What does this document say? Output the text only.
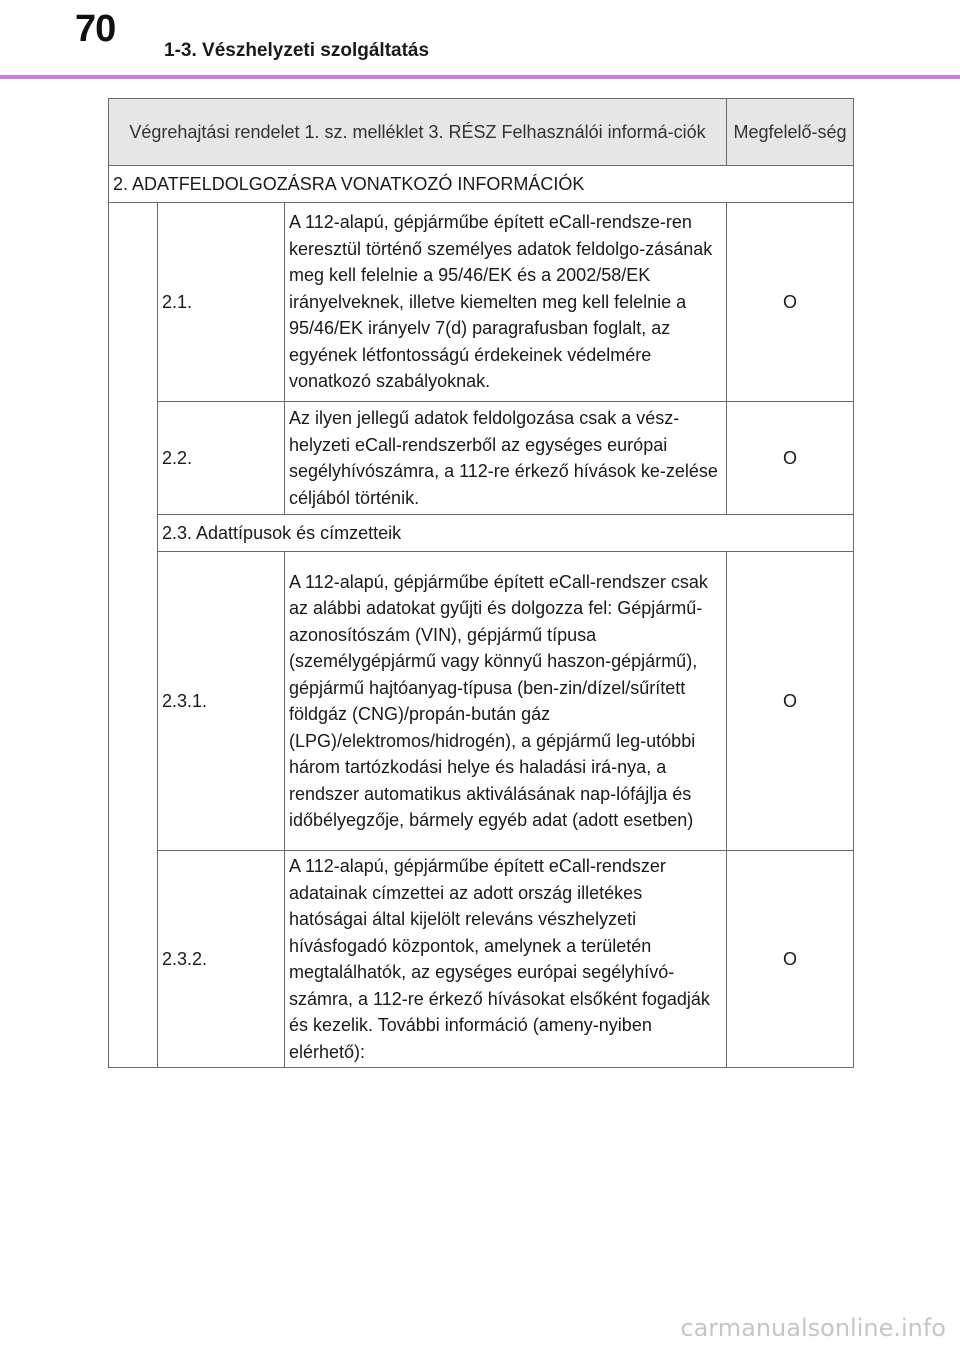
70
1-3. Vészhelyzeti szolgáltatás
Végrehajtási rendelet 1. sz. melléklet 3. RÉSZ Felhasználói informá-ciók			Megfelelő-ség
2. ADATFELDOLGOZÁSRA VONATKOZÓ INFORMÁCIÓK			
	2.1.	A 112-alapú, gépjárműbe épített eCall-rendsze-ren keresztül történő személyes adatok feldolgo-zásának meg kell felelnie a 95/46/EK és a 2002/58/EK irányelveknek, illetve kiemelten meg kell felelnie a 95/46/EK irányelv 7(d) paragrafusban foglalt, az egyének létfontosságú érdekeinek védelmére vonatkozó szabályoknak.	O
	2.2.	Az ilyen jellegű adatok feldolgozása csak a vész-helyzeti eCall-rendszerből az egységes európai segélyhívószámra, a 112-re érkező hívások ke-zelése céljából történik.	O
	2.3. Adattípusok és címzetteik		
	2.3.1.	A 112-alapú, gépjárműbe épített eCall-rendszer csak az alábbi adatokat gyűjti és dolgozza fel: Gépjármű-azonosítószám (VIN), gépjármű típusa (személygépjármű vagy könnyű haszon-gépjármű), gépjármű hajtóanyag-típusa (ben-zin/dízel/sűrített földgáz (CNG)/propán-bután gáz (LPG)/elektromos/hidrogén), a gépjármű leg-utóbbi három tartózkodási helye és haladási irá-nya, a rendszer automatikus aktiválásának nap-lófájlja és időbélyegzője, bármely egyéb adat (adott esetben)	O
	2.3.2.	A 112-alapú, gépjárműbe épített eCall-rendszer adatainak címzettei az adott ország illetékes hatóságai által kijelölt releváns vészhelyzeti hívásfogadó központok, amelynek a területén megtalálhatók, az egységes európai segélyhívó-számra, a 112-re érkező hívásokat elsőként fogadják és kezelik. További információ (ameny-nyiben elérhető):	O
carmanualsonline.info
